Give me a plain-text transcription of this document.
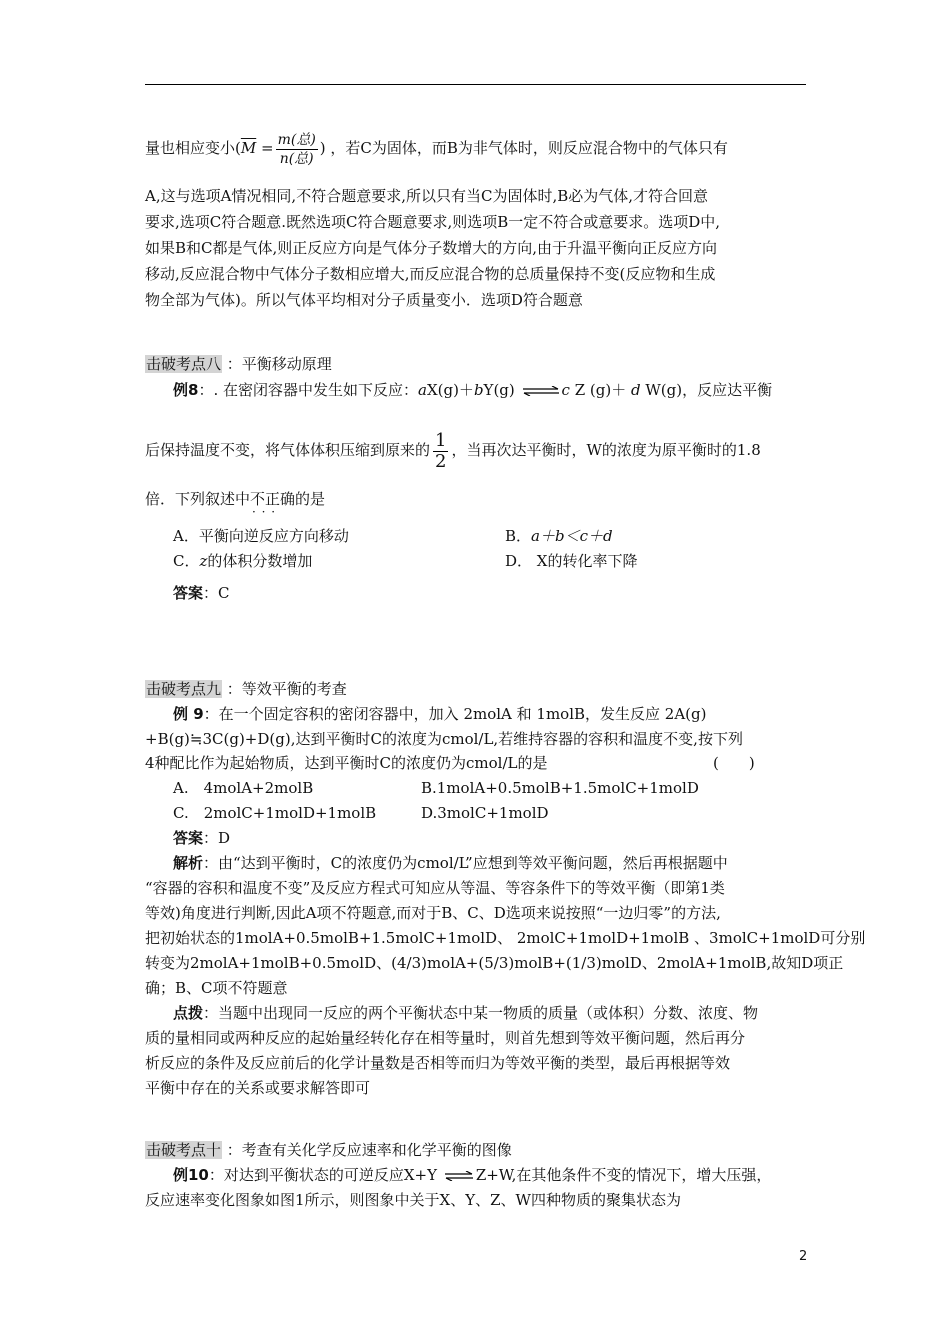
量也相应变小($\overline{M} = \frac{\text{m(总)}}{\text{n(总)}}$ ) ，若C为固体，而B为非气体时，则反应混合物中的气体只有
A,这与选项A情况相同,不符合题意要求,所以只有当C为固体时,B必为气体,才符合回意
要求,选项C符合题意.既然选项C符合题意要求,则选项B一定不符合或意要求。选项D中,
如果B和C都是气体,则正反应方向是气体分子数增大的方向,由于升温平衡向正反应方向
移动,反应混合物中气体分子数相应增大,而反应混合物的总质量保持不变(反应物和生成
物全部为气体)。所以气体平均相对分子质量变小．选项D符合题意
击破考点八 ：平衡移动原理
例8：. 在密闭容器中发生如下反应：aX(g)＋bY(g) ⇌ c Z (g)＋ d W(g)，反应达平衡
后保持温度不变，将气体体积压缩到原来的 $\frac{1}{2}$ ，当再次达平衡时，W的浓度为原平衡时的1.8
倍．下列叙述中不正确 · · ·的是
A．平衡向逆反应方向移动	B．a＋b＜c＋d
C．z的体积分数增加	D． X的转化率下降
答案：C
击破考点九 ：等效平衡的考查
例 9：在一个固定容积的密闭容器中，加入 2molA 和 1molB，发生反应 2A(g)
+B(g)≒3C(g)+D(g),达到平衡时C的浓度为cmol/L,若维持容器的容积和温度不变,按下列
4种配比作为起始物质，达到平衡时C的浓度仍为cmol/L的是	(　　)
A.　4molA+2molB	B.1molA+0.5molB+1.5molC+1molD
C.　2molC+1molD+1molB	D.3molC+1molD
答案：D
解析：由“达到平衡时，C的浓度仍为cmol/L”应想到等效平衡问题，然后再根据题中
“容器的容积和温度不变”及反应方程式可知应从等温、等容条件下的等效平衡（即第1类
等效)角度进行判断,因此A项不符题意,而对于B、C、D选项来说按照“一边归零”的方法,
把初始状态的1molA+0.5molB+1.5molC+1molD、 2molC+1molD+1molB 、3molC+1molD可分别
转变为2molA+1molB+0.5molD、(4/3)molA+(5/3)molB+(1/3)molD、2molA+1molB,故知D项正
确；B、C项不符题意
点拨：当题中出现同一反应的两个平衡状态中某一物质的质量（或体积）分数、浓度、物
质的量相同或两种反应的起始量经转化存在相等量时，则首先想到等效平衡问题，然后再分
析反应的条件及反应前后的化学计量数是否相等而归为等效平衡的类型，最后再根据等效
平衡中存在的关系或要求解答即可
击破考点十 ：考查有关化学反应速率和化学平衡的图像
例10：对达到平衡状态的可逆反应X+Y ⇌ Z+W,在其他条件不变的情况下，增大压强，
反应速率变化图象如图1所示，则图象中关于X、Y、Z、W四种物质的聚集状态为
2
